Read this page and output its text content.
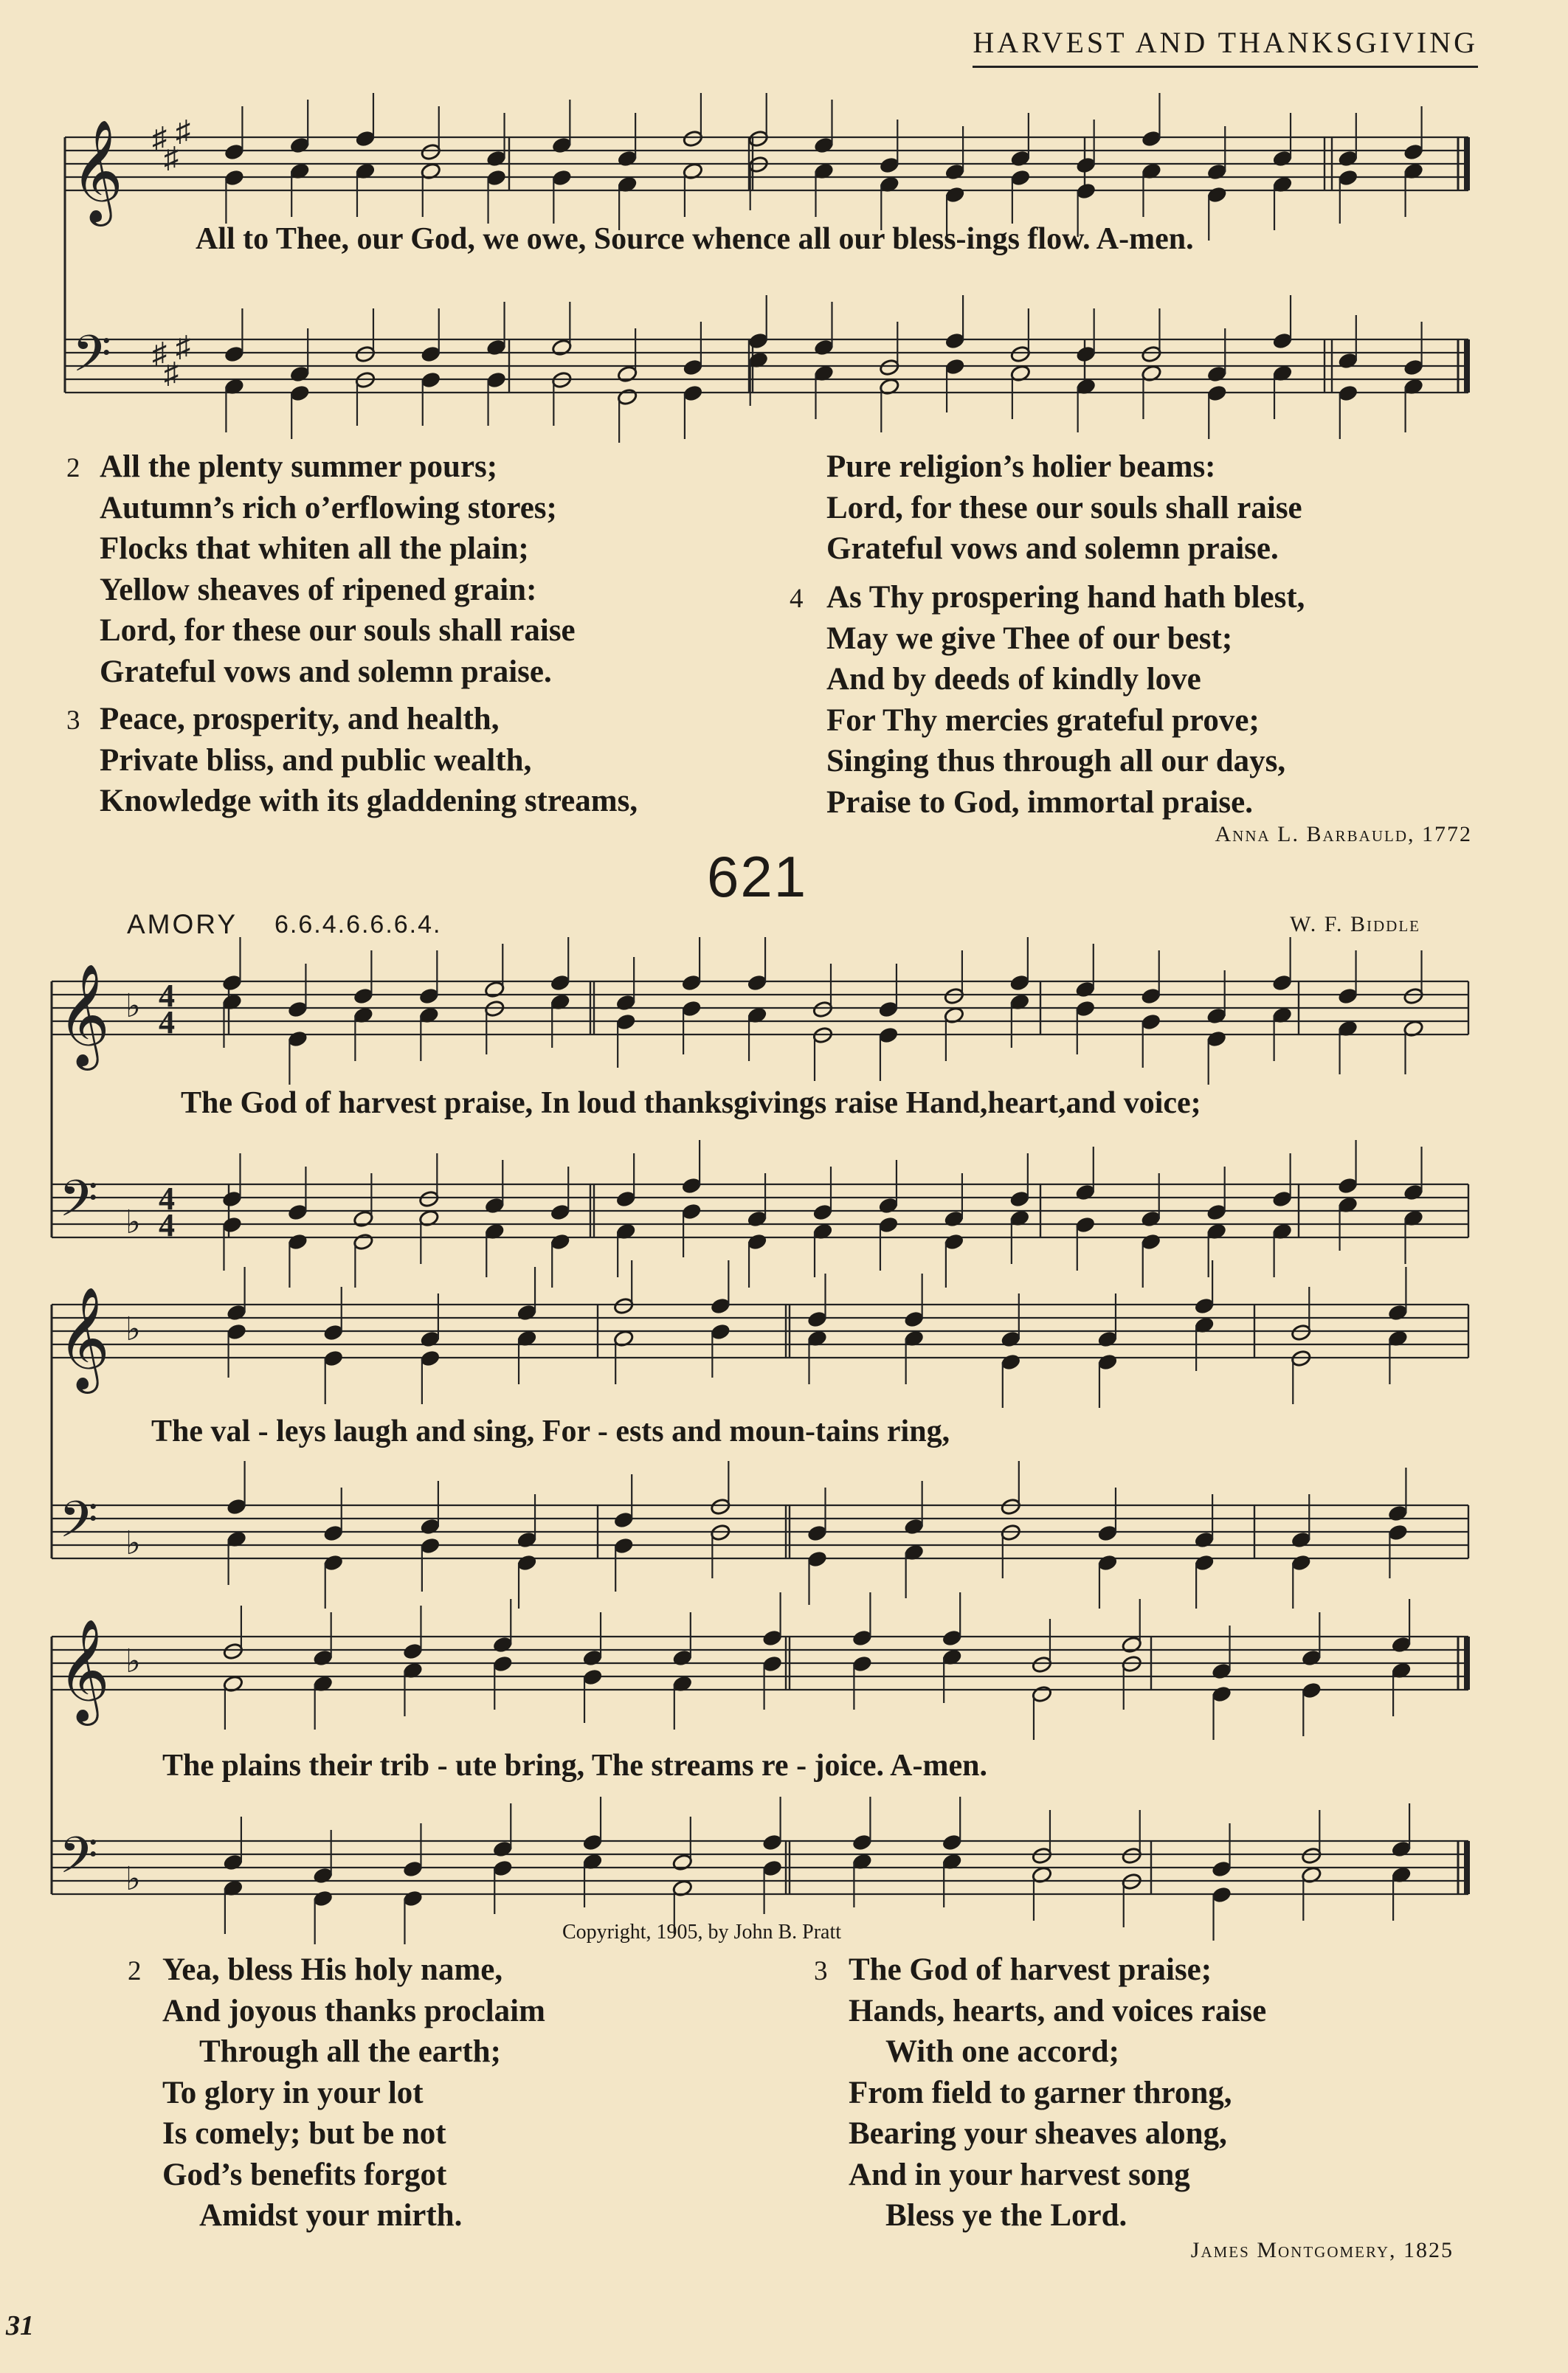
HARVEST AND THANKSGIVING
𝄞
𝄢
♯
♯
♯
♯
♯
♯
𝄞
𝄢
♭
♭
4
4
4
4
𝄞
𝄢
♭
♭
𝄞
𝄢
♭
♭
All to Thee, our God, we owe, Source whence all our bless-ings flow. A-men.
2 All the plenty summer pours;
Autumn’s rich o’erflowing stores;
Flocks that whiten all the plain;
Yellow sheaves of ripened grain:
Lord, for these our souls shall raise
Grateful vows and solemn praise.
3 Peace, prosperity, and health,
Private bliss, and public wealth,
Knowledge with its gladdening streams,
Pure religion’s holier beams:
Lord, for these our souls shall raise
Grateful vows and solemn praise.
4 As Thy prospering hand hath blest,
May we give Thee of our best;
And by deeds of kindly love
For Thy mercies grateful prove;
Singing thus through all our days,
Praise to God, immortal praise.
Anna L. Barbauld, 1772
621
AMORY 6.6.4.6.6.6.4.	W. F. Biddle
The God of harvest praise, In loud thanksgivings raise Hand,heart,and voice;
The val - leys laugh and sing, For - ests and moun-tains ring,
The plains their trib - ute bring, The streams re - joice. A-men.
Copyright, 1905, by John B. Pratt
2 Yea, bless His holy name,
And joyous thanks proclaim
Through all the earth;
To glory in your lot
Is comely; but be not
God’s benefits forgot
Amidst your mirth.
3 The God of harvest praise;
Hands, hearts, and voices raise
With one accord;
From field to garner throng,
Bearing your sheaves along,
And in your harvest song
Bless ye the Lord.
James Montgomery, 1825
31
